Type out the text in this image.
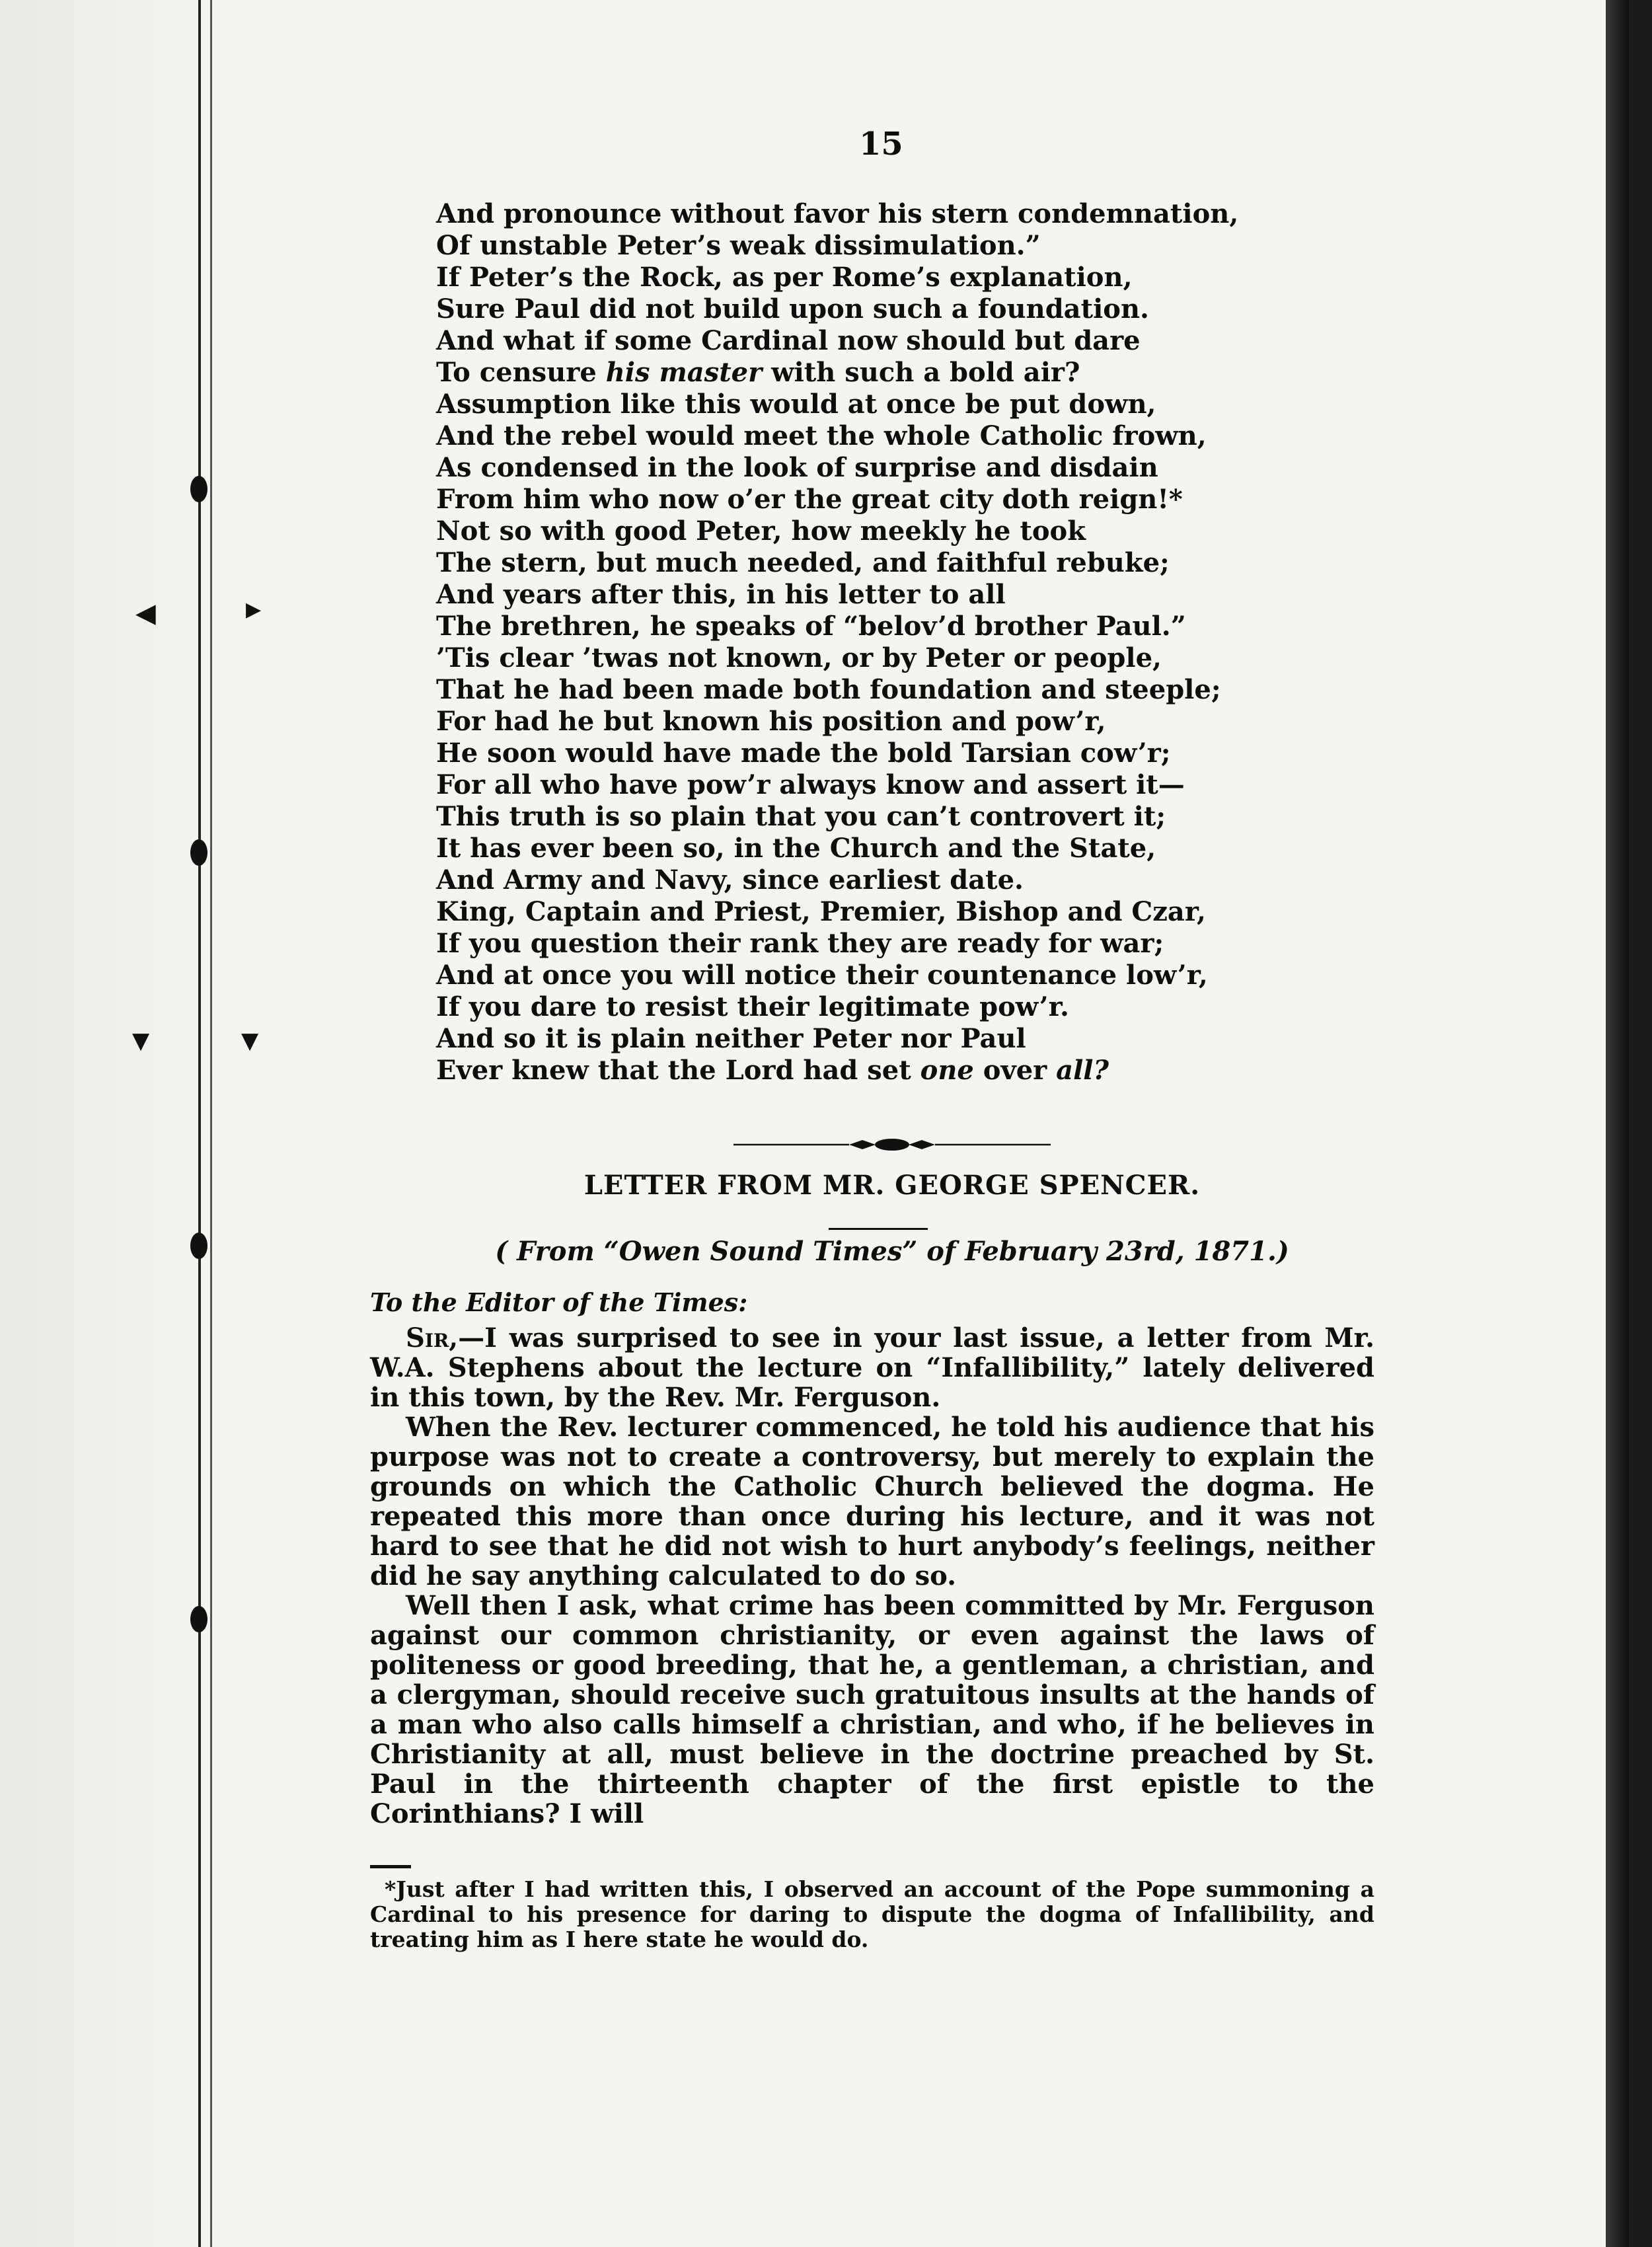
◀	▶
▼	▼
15
And pronounce without favor his stern condemnation,
Of unstable Peter’s weak dissimulation.”
If Peter’s the Rock, as per Rome’s explanation,
Sure Paul did not build upon such a foundation.
And what if some Cardinal now should but dare
To censure his master with such a bold air?
Assumption like this would at once be put down,
And the rebel would meet the whole Catholic frown,
As condensed in the look of surprise and disdain
From him who now o’er the great city doth reign!*
Not so with good Peter, how meekly he took
The stern, but much needed, and faithful rebuke;
And years after this, in his letter to all
The brethren, he speaks of “belov’d brother Paul.”
’Tis clear ’twas not known, or by Peter or people,
That he had been made both foundation and steeple;
For had he but known his position and pow’r,
He soon would have made the bold Tarsian cow’r;
For all who have pow’r always know and assert it—
This truth is so plain that you can’t controvert it;
It has ever been so, in the Church and the State,
And Army and Navy, since earliest date.
King, Captain and Priest, Premier, Bishop and Czar,
If you question their rank they are ready for war;
And at once you will notice their countenance low’r,
If you dare to resist their legitimate pow’r.
And so it is plain neither Peter nor Paul
Ever knew that the Lord had set one over all?
LETTER FROM MR. GEORGE SPENCER.
( From “Owen Sound Times” of February 23rd, 1871.)
To the Editor of the Times:

Sir,—I was surprised to see in your last issue, a letter from Mr. W.A. Stephens about the lecture on “Infallibility,” lately delivered in this town, by the Rev. Mr. Ferguson.

When the Rev. lecturer commenced, he told his audience that his purpose was not to create a controversy, but merely to explain the grounds on which the Catholic Church believed the dogma. He repeated this more than once during his lecture, and it was not hard to see that he did not wish to hurt anybody’s feelings, neither did he say anything calculated to do so.

Well then I ask, what crime has been committed by Mr. Ferguson against our common christianity, or even against the laws of politeness or good breeding, that he, a gentleman, a christian, and a clergyman, should receive such gratuitous insults at the hands of a man who also calls himself a christian, and who, if he believes in Christianity at all, must believe in the doctrine preached by St. Paul in the thirteenth chapter of the first epistle to the Corinthians? I will

*Just after I had written this, I observed an account of the Pope summoning a Cardinal to his presence for daring to dispute the dogma of Infallibility, and treating him as I here state he would do.
